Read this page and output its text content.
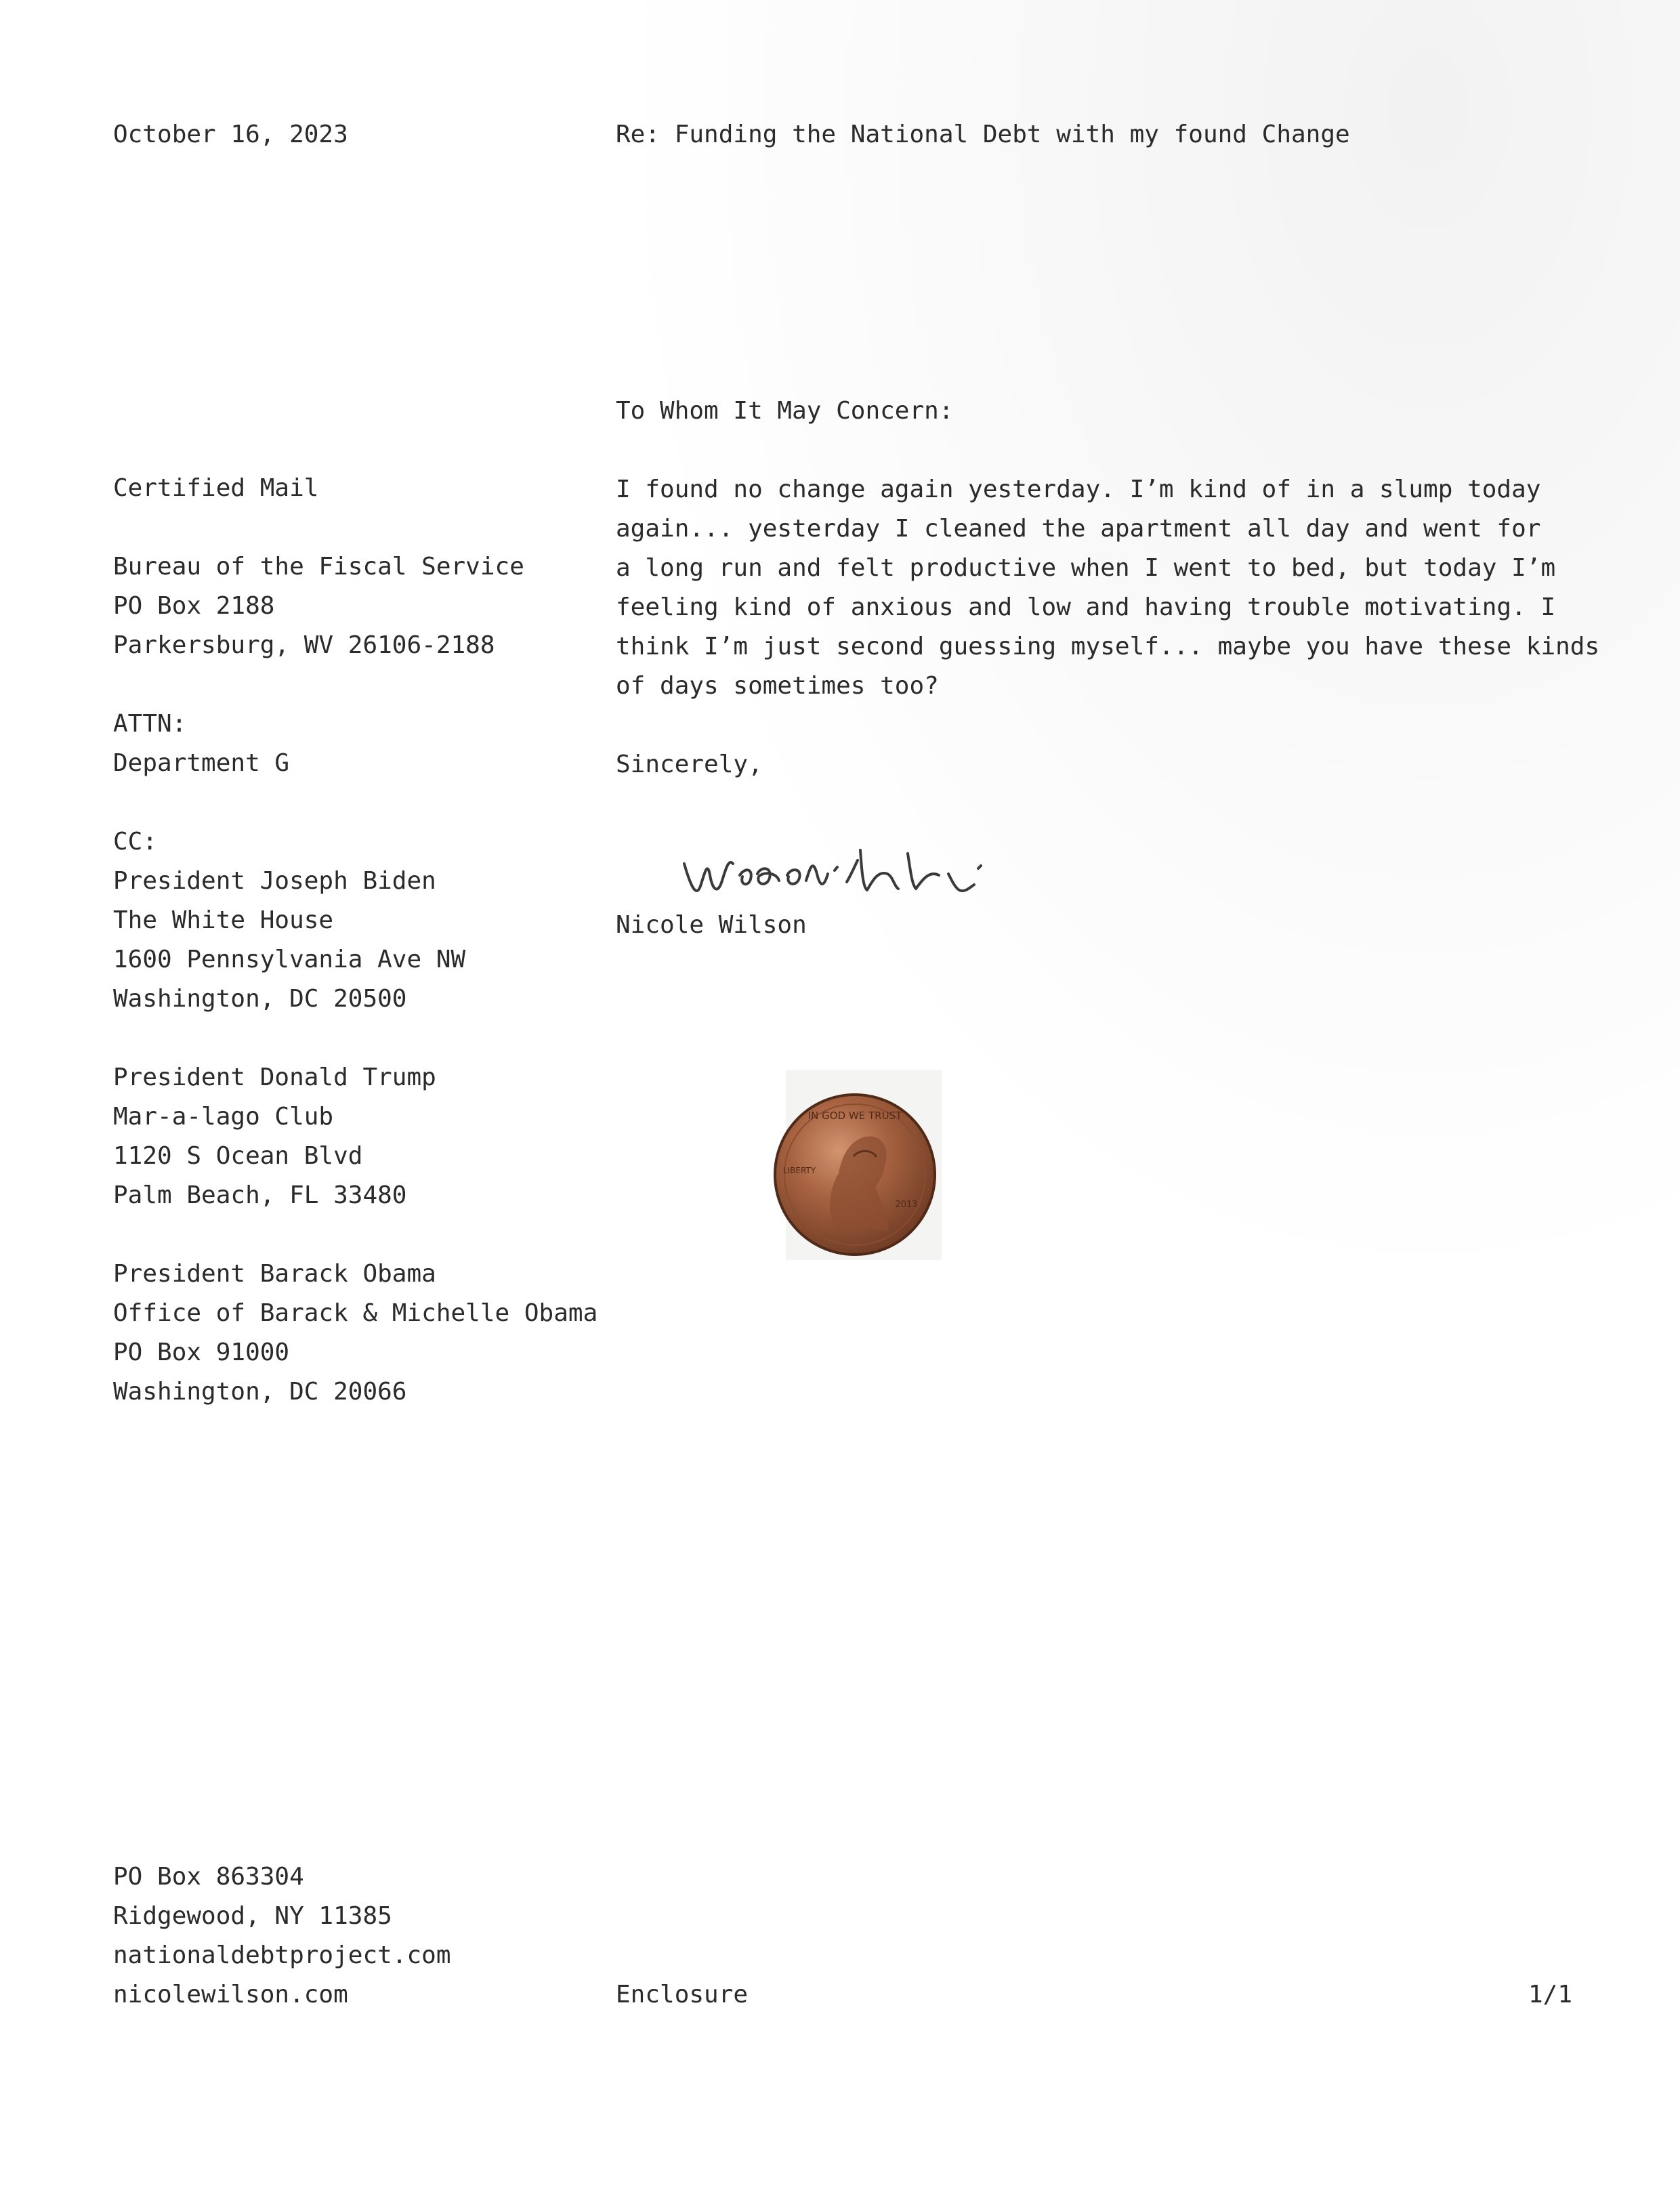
October 16, 2023	Re: Funding the National Debt with my found Change
Certified Mail
Bureau of the Fiscal Service
PO Box 2188
Parkersburg, WV 26106-2188
ATTN:
Department G
CC:
President Joseph Biden
The White House
1600 Pennsylvania Ave NW
Washington, DC 20500
President Donald Trump
Mar-a-lago Club
1120 S Ocean Blvd
Palm Beach, FL 33480
President Barack Obama
Office of Barack & Michelle Obama
PO Box 91000
Washington, DC 20066
To Whom It May Concern:
I found no change again yesterday. I’m kind of in a slump today
again... yesterday I cleaned the apartment all day and went for
a long run and felt productive when I went to bed, but today I’m
feeling kind of anxious and low and having trouble motivating. I
think I’m just second guessing myself... maybe you have these kinds
of days sometimes too?
Sincerely,
Nicole Wilson
IN GOD WE TRUST
LIBERTY
2013
PO Box 863304
Ridgewood, NY 11385
nationaldebtproject.com
nicolewilson.com	Enclosure	1/1
